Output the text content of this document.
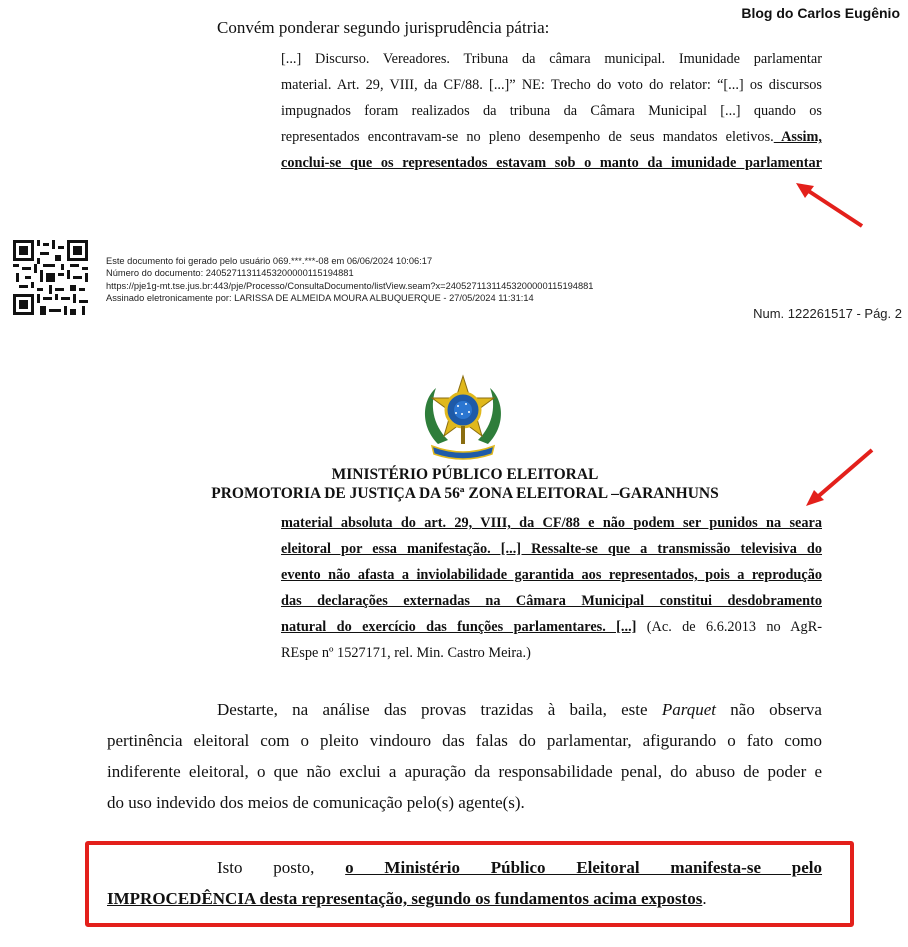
Blog do Carlos Eugênio
Convém ponderar segundo jurisprudência pátria:
[...] Discurso. Vereadores. Tribuna da câmara municipal. Imunidade parlamentar
material. Art. 29, VIII, da CF/88. [...]” NE: Trecho do voto do relator: “[...] os discursos
impugnados foram realizados da tribuna da Câmara Municipal [...] quando os
representados encontravam-se no pleno desempenho de seus mandatos eletivos. Assim,
conclui-se que os representados estavam sob o manto da imunidade parlamentar
Este documento foi gerado pelo usuário 069.***.***-08 em 06/06/2024 10:06:17
Número do documento: 24052711311453200000115194881
https://pje1g-mt.tse.jus.br:443/pje/Processo/ConsultaDocumento/listView.seam?x=24052711311453200000115194881
Assinado eletronicamente por: LARISSA DE ALMEIDA MOURA ALBUQUERQUE - 27/05/2024 11:31:14
Num. 122261517 - Pág. 2
MINISTÉRIO PÚBLICO ELEITORAL
PROMOTORIA DE JUSTIÇA DA 56ª ZONA ELEITORAL –GARANHUNS
material absoluta do art. 29, VIII, da CF/88 e não podem ser punidos na seara
eleitoral por essa manifestação. [...] Ressalte-se que a transmissão televisiva do
evento não afasta a inviolabilidade garantida aos representados, pois a reprodução
das declarações externadas na Câmara Municipal constitui desdobramento
natural do exercício das funções parlamentares. [...] (Ac. de 6.6.2013 no AgR-
REspe nº 1527171, rel. Min. Castro Meira.)
Destarte, na análise das provas trazidas à baila, este Parquet não observa
pertinência eleitoral com o pleito vindouro das falas do parlamentar, afigurando o fato como
indiferente eleitoral, o que não exclui a apuração da responsabilidade penal, do abuso de poder e
do uso indevido dos meios de comunicação pelo(s) agente(s).
Isto posto, o Ministério Público Eleitoral manifesta-se pelo
IMPROCEDÊNCIA desta representação, segundo os fundamentos acima expostos.
